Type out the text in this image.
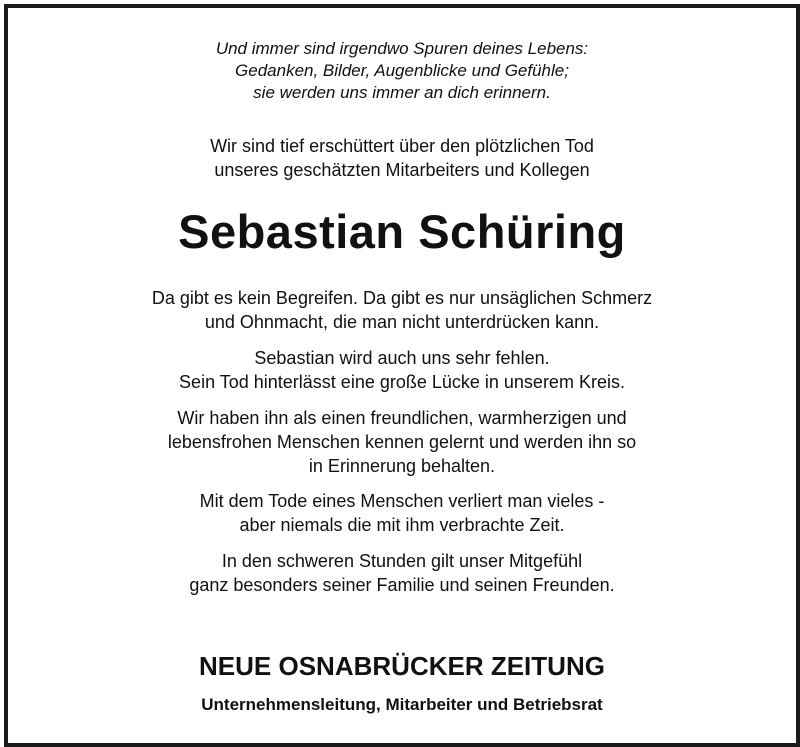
Und immer sind irgendwo Spuren deines Lebens:
Gedanken, Bilder, Augenblicke und Gefühle;
sie werden uns immer an dich erinnern.
Wir sind tief erschüttert über den plötzlichen Tod
unseres geschätzten Mitarbeiters und Kollegen
Sebastian Schüring
Da gibt es kein Begreifen. Da gibt es nur unsäglichen Schmerz
und Ohnmacht, die man nicht unterdrücken kann.
Sebastian wird auch uns sehr fehlen.
Sein Tod hinterlässt eine große Lücke in unserem Kreis.
Wir haben ihn als einen freundlichen, warmherzigen und
lebensfrohen Menschen kennen gelernt und werden ihn so
in Erinnerung behalten.
Mit dem Tode eines Menschen verliert man vieles -
aber niemals die mit ihm verbrachte Zeit.
In den schweren Stunden gilt unser Mitgefühl
ganz besonders seiner Familie und seinen Freunden.
NEUE OSNABRÜCKER ZEITUNG
Unternehmensleitung, Mitarbeiter und Betriebsrat
